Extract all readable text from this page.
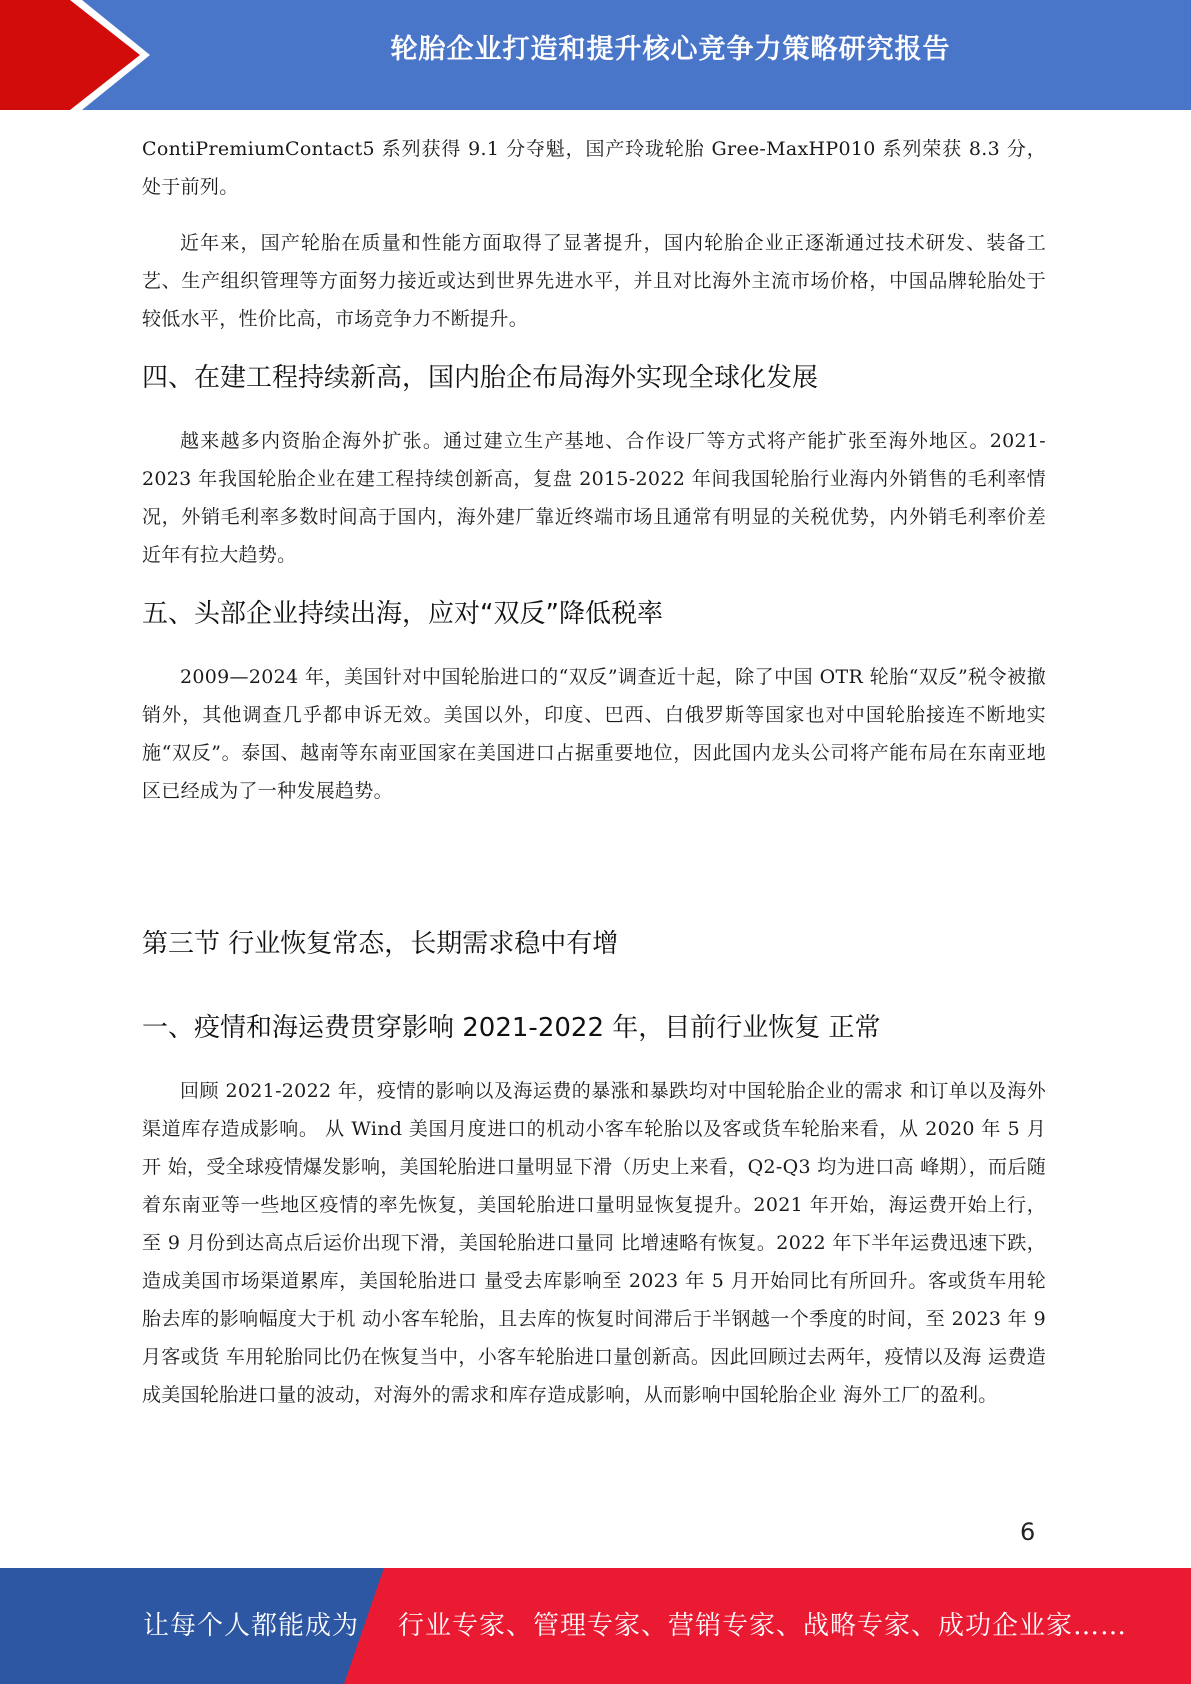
轮胎企业打造和提升核心竞争力策略研究报告

ContiPremiumContact5 系列获得 9.1 分夺魁，国产玲珑轮胎 Gree-MaxHP010 系列荣获 8.3 分，处于前列。

近年来，国产轮胎在质量和性能方面取得了显著提升，国内轮胎企业正逐渐通过技术研发、装备工艺、生产组织管理等方面努力接近或达到世界先进水平，并且对比海外主流市场价格，中国品牌轮胎处于较低水平，性价比高，市场竞争力不断提升。

四、在建工程持续新高，国内胎企布局海外实现全球化发展

越来越多内资胎企海外扩张。通过建立生产基地、合作设厂等方式将产能扩张至海外地区。2021-2023 年我国轮胎企业在建工程持续创新高，复盘 2015-2022 年间我国轮胎行业海内外销售的毛利率情况，外销毛利率多数时间高于国内，海外建厂靠近终端市场且通常有明显的关税优势，内外销毛利率价差近年有拉大趋势。

五、头部企业持续出海，应对“双反”降低税率

2009—2024 年，美国针对中国轮胎进口的“双反”调查近十起，除了中国 OTR 轮胎“双反”税令被撤销外，其他调查几乎都申诉无效。美国以外，印度、巴西、白俄罗斯等国家也对中国轮胎接连不断地实施“双反”。泰国、越南等东南亚国家在美国进口占据重要地位，因此国内龙头公司将产能布局在东南亚地区已经成为了一种发展趋势。

第三节 行业恢复常态，长期需求稳中有增
一、疫情和海运费贯穿影响 2021-2022 年，目前行业恢复 正常

回顾 2021-2022 年，疫情的影响以及海运费的暴涨和暴跌均对中国轮胎企业的需求 和订单以及海外渠道库存造成影响。 从 Wind 美国月度进口的机动小客车轮胎以及客或货车轮胎来看，从 2020 年 5 月开 始，受全球疫情爆发影响，美国轮胎进口量明显下滑（历史上来看，Q2-Q3 均为进口高 峰期），而后随着东南亚等一些地区疫情的率先恢复，美国轮胎进口量明显恢复提升。2021 年开始，海运费开始上行，至 9 月份到达高点后运价出现下滑，美国轮胎进口量同 比增速略有恢复。2022 年下半年运费迅速下跌，造成美国市场渠道累库，美国轮胎进口 量受去库影响至 2023 年 5 月开始同比有所回升。客或货车用轮胎去库的影响幅度大于机 动小客车轮胎，且去库的恢复时间滞后于半钢越一个季度的时间，至 2023 年 9 月客或货 车用轮胎同比仍在恢复当中，小客车轮胎进口量创新高。因此回顾过去两年，疫情以及海 运费造成美国轮胎进口量的波动，对海外的需求和库存造成影响，从而影响中国轮胎企业 海外工厂的盈利。

6
让每个人都能成为 行业专家、管理专家、营销专家、战略专家、成功企业家……
